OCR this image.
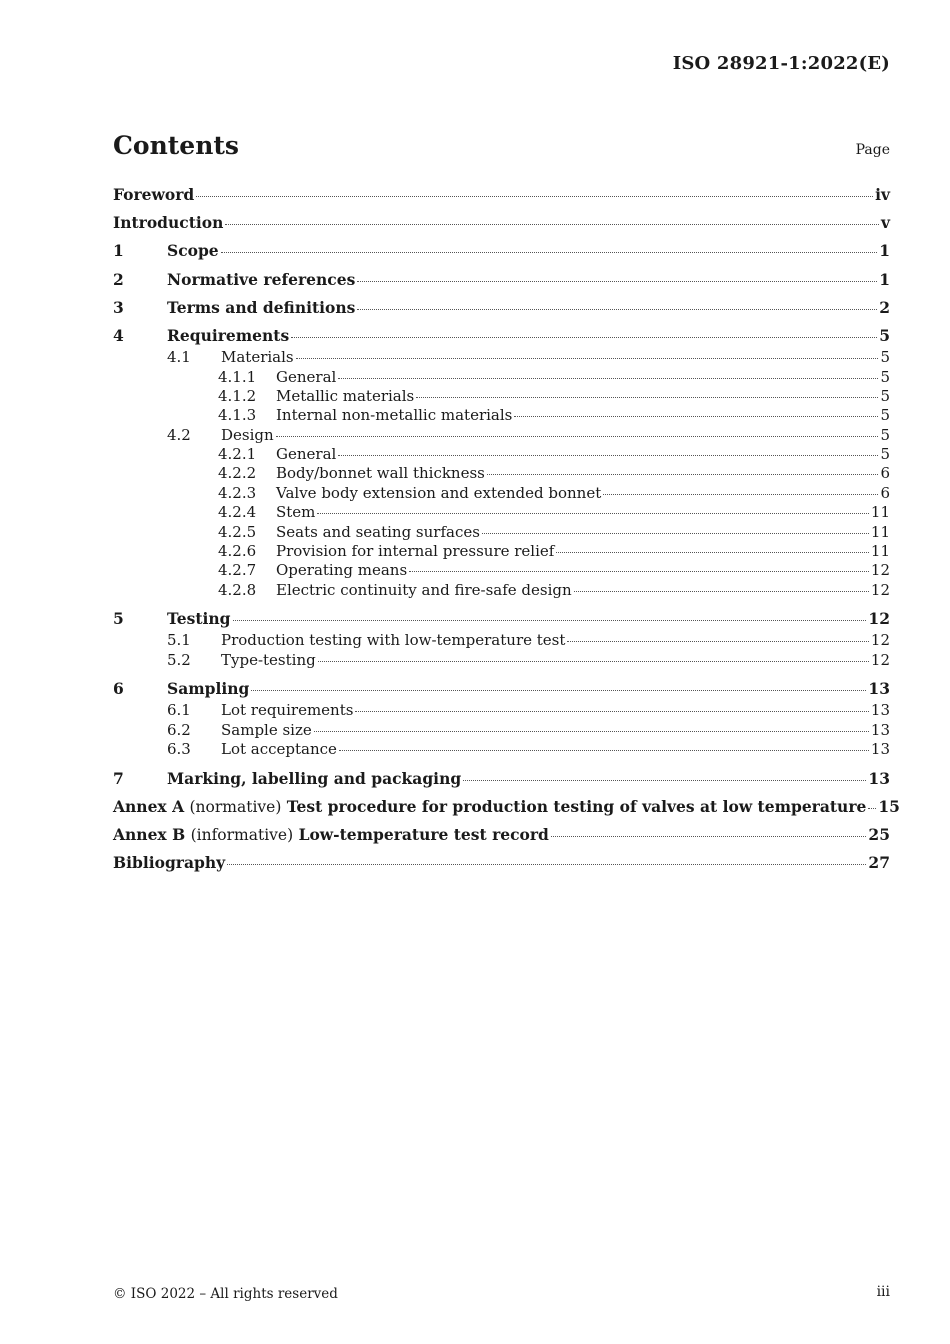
ISO 28921-1:2022(E)
Contents	Page
Foreword	iv
Introduction	v
1	Scope	1
2	Normative references	1
3	Terms and definitions	2
4	Requirements	5
4.1	Materials	5
4.1.1	General	5
4.1.2	Metallic materials	5
4.1.3	Internal non-metallic materials	5
4.2	Design	5
4.2.1	General	5
4.2.2	Body/bonnet wall thickness	6
4.2.3	Valve body extension and extended bonnet	6
4.2.4	Stem	11
4.2.5	Seats and seating surfaces	11
4.2.6	Provision for internal pressure relief	11
4.2.7	Operating means	12
4.2.8	Electric continuity and fire-safe design	12
5	Testing	12
5.1	Production testing with low-temperature test	12
5.2	Type-testing	12
6	Sampling	13
6.1	Lot requirements	13
6.2	Sample size	13
6.3	Lot acceptance	13
7	Marking, labelling and packaging	13
Annex A (normative) Test procedure for production testing of valves at low temperature 15
Annex B (informative) Low-temperature test record	25
Bibliography	27
© ISO 2022 – All rights reserved	iii
